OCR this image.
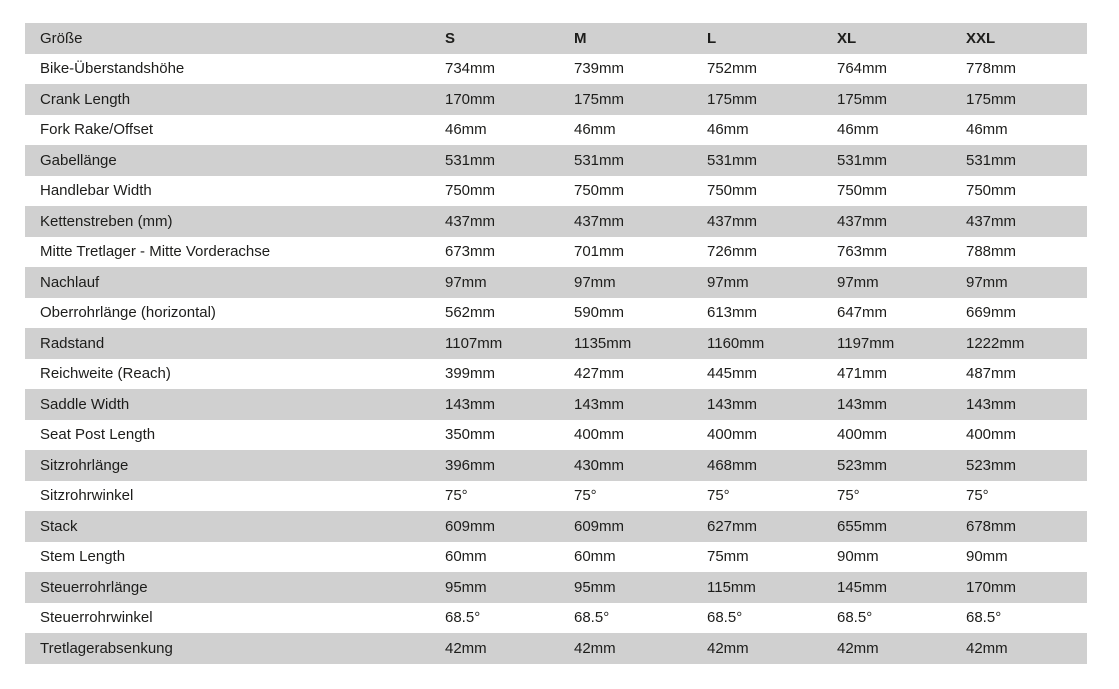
Größe	S	M	L	XL	XXL
Bike-Überstandshöhe	734mm	739mm	752mm	764mm	778mm
Crank Length	170mm	175mm	175mm	175mm	175mm
Fork Rake/Offset	46mm	46mm	46mm	46mm	46mm
Gabellänge	531mm	531mm	531mm	531mm	531mm
Handlebar Width	750mm	750mm	750mm	750mm	750mm
Kettenstreben (mm)	437mm	437mm	437mm	437mm	437mm
Mitte Tretlager - Mitte Vorderachse	673mm	701mm	726mm	763mm	788mm
Nachlauf	97mm	97mm	97mm	97mm	97mm
Oberrohrlänge (horizontal)	562mm	590mm	613mm	647mm	669mm
Radstand	1107mm	1135mm	1160mm	1197mm	1222mm
Reichweite (Reach)	399mm	427mm	445mm	471mm	487mm
Saddle Width	143mm	143mm	143mm	143mm	143mm
Seat Post Length	350mm	400mm	400mm	400mm	400mm
Sitzrohrlänge	396mm	430mm	468mm	523mm	523mm
Sitzrohrwinkel	75°	75°	75°	75°	75°
Stack	609mm	609mm	627mm	655mm	678mm
Stem Length	60mm	60mm	75mm	90mm	90mm
Steuerrohrlänge	95mm	95mm	115mm	145mm	170mm
Steuerrohrwinkel	68.5°	68.5°	68.5°	68.5°	68.5°
Tretlagerabsenkung	42mm	42mm	42mm	42mm	42mm
